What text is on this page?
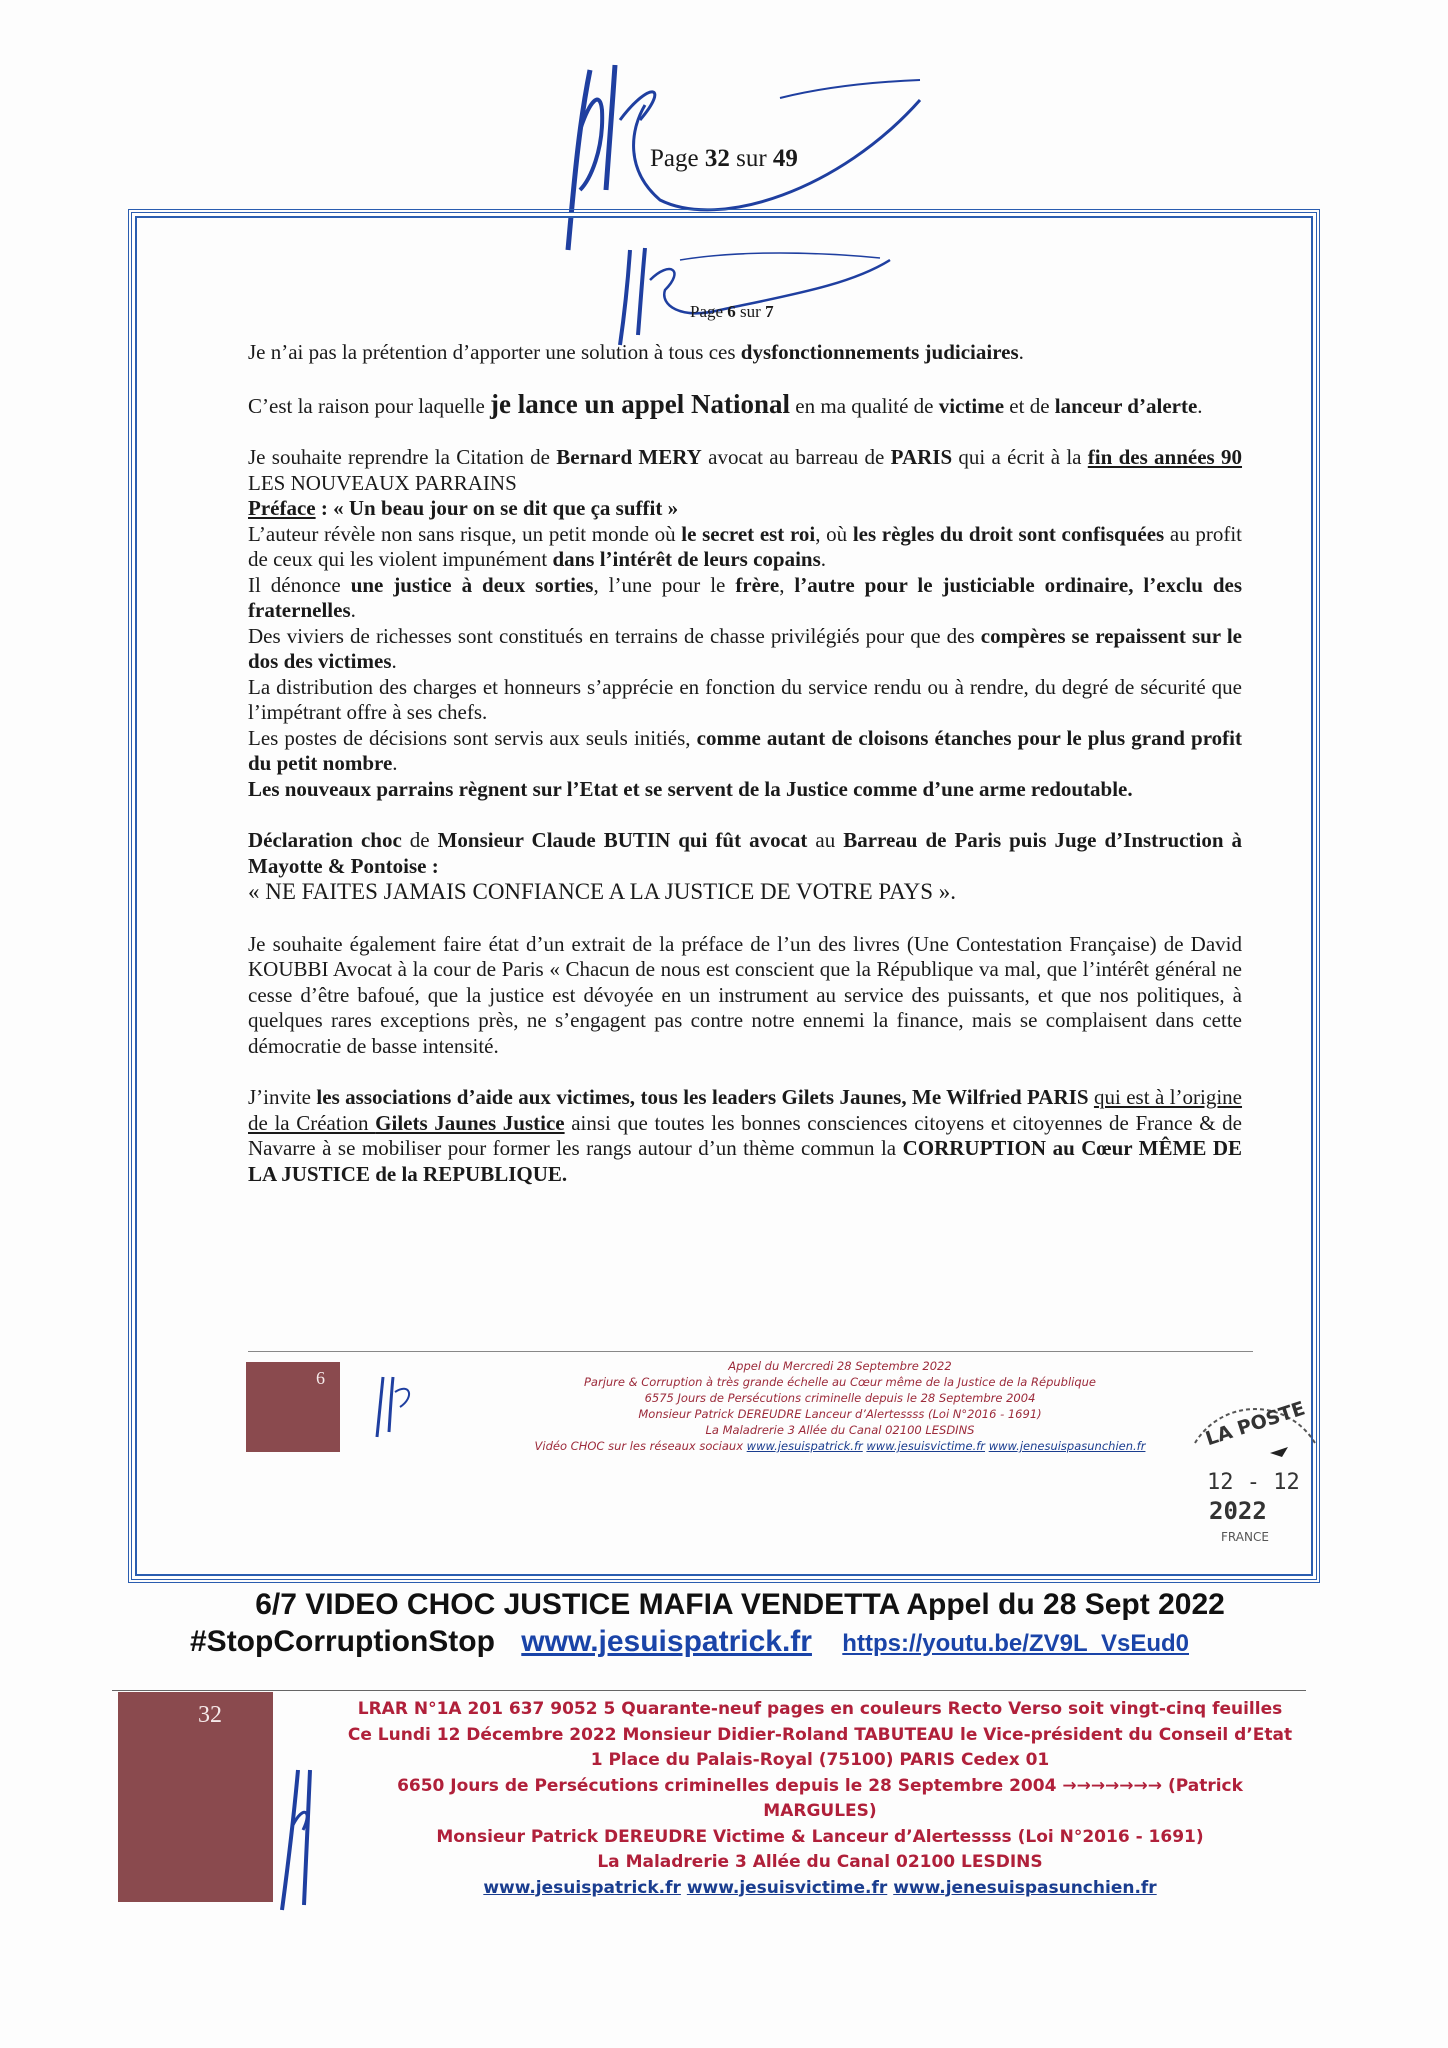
Page 32 sur 49
Page 6 sur 7

Je n’ai pas la prétention d’apporter une solution à tous ces dysfonctionnements judiciaires.

C’est la raison pour laquelle je lance un appel National en ma qualité de victime et de lanceur d’alerte.

Je souhaite reprendre la Citation de Bernard MERY avocat au barreau de PARIS qui a écrit à la fin des années 90 LES NOUVEAUX PARRAINS
Préface : « Un beau jour on se dit que ça suffit »
L’auteur révèle non sans risque, un petit monde où le secret est roi, où les règles du droit sont confisquées au profit de ceux qui les violent impunément dans l’intérêt de leurs copains.
Il dénonce une justice à deux sorties, l’une pour le frère, l’autre pour le justiciable ordinaire, l’exclu des fraternelles.
Des viviers de richesses sont constitués en terrains de chasse privilégiés pour que des compères se repaissent sur le dos des victimes.
La distribution des charges et honneurs s’apprécie en fonction du service rendu ou à rendre, du degré de sécurité que l’impétrant offre à ses chefs.
Les postes de décisions sont servis aux seuls initiés, comme autant de cloisons étanches pour le plus grand profit du petit nombre.
Les nouveaux parrains règnent sur l’Etat et se servent de la Justice comme d’une arme redoutable.

Déclaration choc de Monsieur Claude BUTIN qui fût avocat au Barreau de Paris puis Juge d’Instruction à Mayotte & Pontoise :
« NE FAITES JAMAIS CONFIANCE A LA JUSTICE DE VOTRE PAYS ».

Je souhaite également faire état d’un extrait de la préface de l’un des livres (Une Contestation Française) de David KOUBBI Avocat à la cour de Paris « Chacun de nous est conscient que la République va mal, que l’intérêt général ne cesse d’être bafoué, que la justice est dévoyée en un instrument au service des puissants, et que nos politiques, à quelques rares exceptions près, ne s’engagent pas contre notre ennemi la finance, mais se complaisent dans cette démocratie de basse intensité.

J’invite les associations d’aide aux victimes, tous les leaders Gilets Jaunes, Me Wilfried PARIS qui est à l’origine de la Création Gilets Jaunes Justice ainsi que toutes les bonnes consciences citoyens et citoyennes de France & de Navarre à se mobiliser pour former les rangs autour d’un thème commun la CORRUPTION au Cœur MÊME DE LA JUSTICE de la REPUBLIQUE.

6
Appel du Mercredi 28 Septembre 2022
Parjure & Corruption à très grande échelle au Cœur même de la Justice de la République
6575 Jours de Persécutions criminelle depuis le 28 Septembre 2004
Monsieur Patrick DEREUDRE Lanceur d’Alertessss (Loi N°2016 - 1691)
La Maladrerie 3 Allée du Canal 02100 LESDINS
Vidéo CHOC sur les réseaux sociaux www.jesuispatrick.fr www.jesuisvictime.fr www.jenesuispasunchien.fr	LA POSTE
12 - 12
2022
FRANCE
6/7 VIDEO CHOC JUSTICE MAFIA VENDETTA Appel du 28 Sept 2022
#StopCorruptionStop www.jesuispatrick.fr https://youtu.be/ZV9L_VsEud0
32	LRAR N°1A 201 637 9052 5 Quarante-neuf pages en couleurs Recto Verso soit vingt-cinq feuilles
Ce Lundi 12 Décembre 2022 Monsieur Didier-Roland TABUTEAU le Vice-président du Conseil d’Etat
1 Place du Palais-Royal (75100) PARIS Cedex 01
6650 Jours de Persécutions criminelles depuis le 28 Septembre 2004 →→→→→→→ (Patrick MARGULES)
Monsieur Patrick DEREUDRE Victime & Lanceur d’Alertessss (Loi N°2016 - 1691)
La Maladrerie 3 Allée du Canal 02100 LESDINS
www.jesuispatrick.fr www.jesuisvictime.fr www.jenesuispasunchien.fr
